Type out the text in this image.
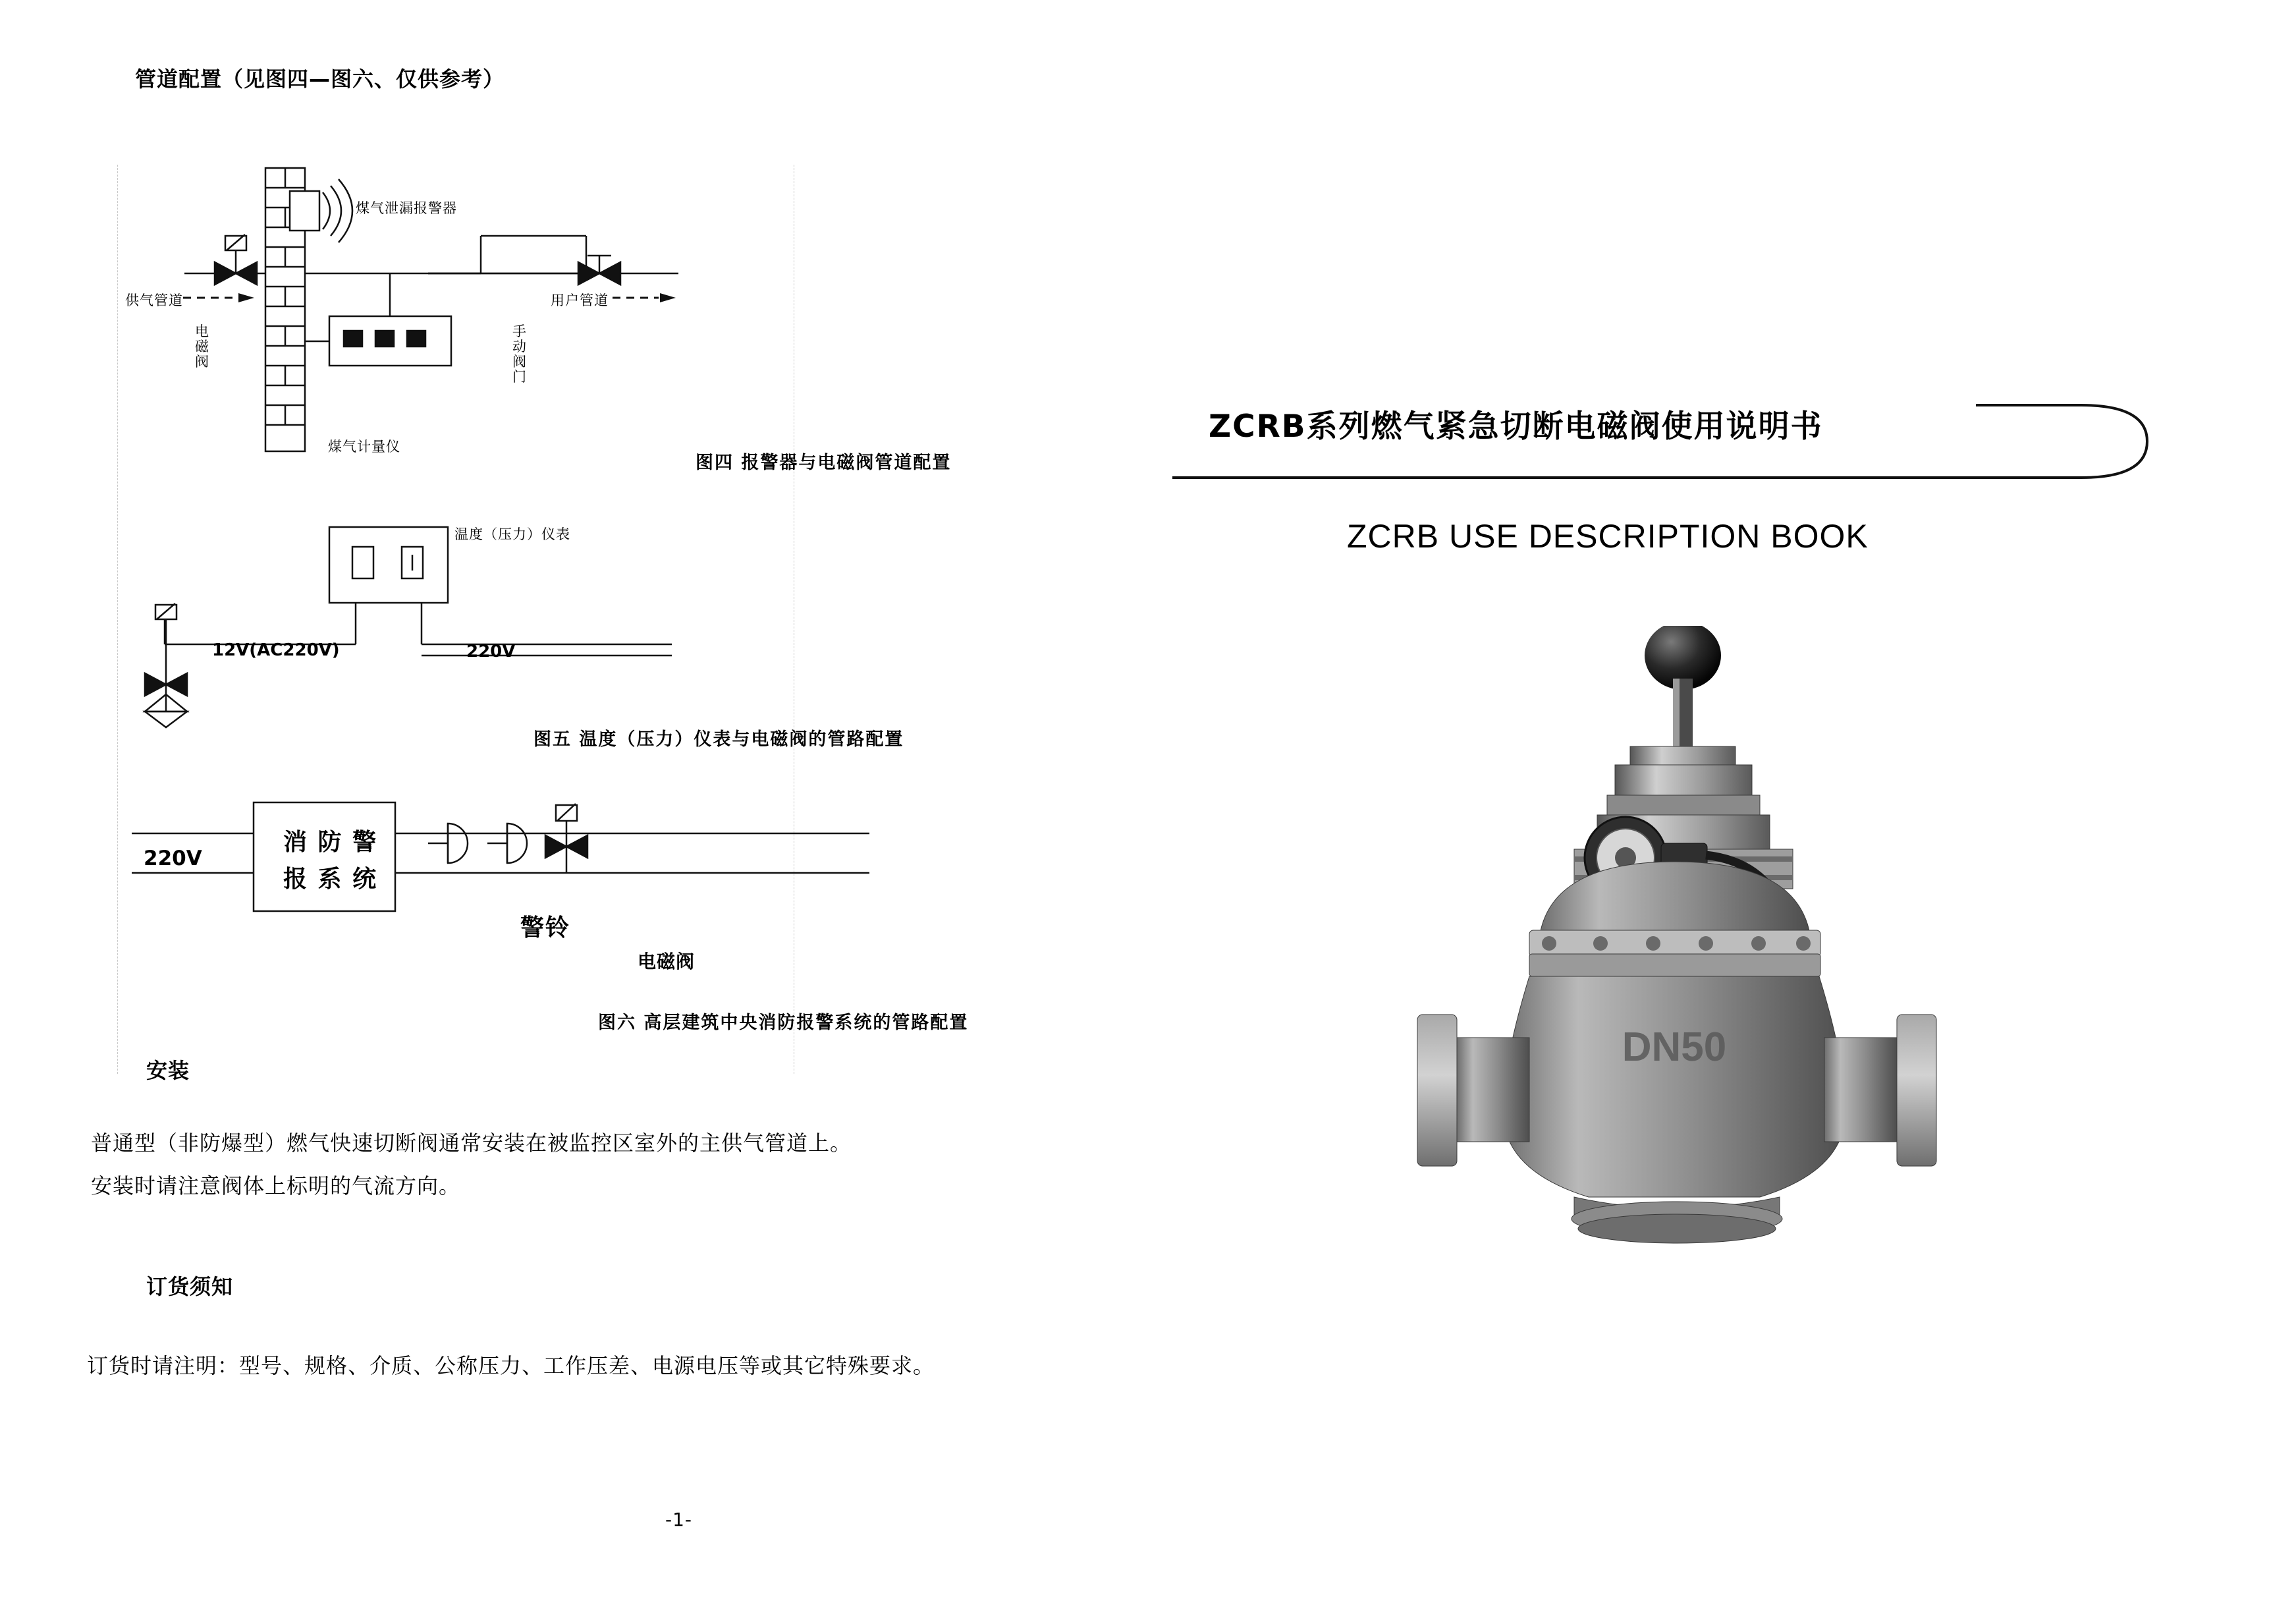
管道配置（见图四—图六、仅供参考）
煤气泄漏报警器
供气管道
电磁阀
用户管道
手动阀门
煤气计量仪
图四 报警器与电磁阀管道配置
温度（压力）仪表
12V(AC220V)	220V
图五 温度（压力）仪表与电磁阀的管路配置
220V
消 防 警
报 系 统
警铃
电磁阀
图六 高层建筑中央消防报警系统的管路配置
安装
普通型（非防爆型）燃气快速切断阀通常安装在被监控区室外的主供气管道上。
安装时请注意阀体上标明的气流方向。
订货须知
订货时请注明：型号、规格、介质、公称压力、工作压差、电源电压等或其它特殊要求。
-1-
ZCRB系列燃气紧急切断电磁阀使用说明书
ZCRB USE DESCRIPTION BOOK
DN50
